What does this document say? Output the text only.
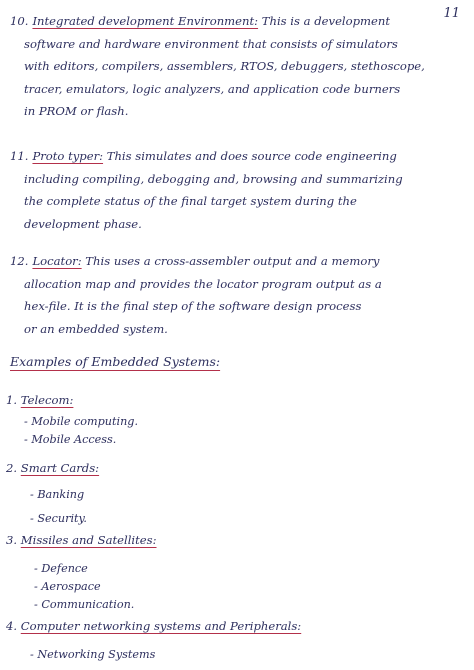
11
10. Integrated development Environment: This is a development
software and hardware environment that consists of simulators
with editors, compilers, assemblers, RTOS, debuggers, stethoscope,
tracer, emulators, logic analyzers, and application code burners
in PROM or flash.
11. Proto typer: This simulates and does source code engineering
including compiling, debogging and, browsing and summarizing
the complete status of the final target system during the
development phase.
12. Locator: This uses a cross-assembler output and a memory
allocation map and provides the locator program output as a
hex-file. It is the final step of the software design process
or an embedded system.
Examples of Embedded Systems:
1. Telecom:
- Mobile computing.
- Mobile Access.
2. Smart Cards:
- Banking
- Security.
3. Missiles and Satellites:
- Defence
- Aerospace
- Communication.
4. Computer networking systems and Peripherals:
- Networking Systems
